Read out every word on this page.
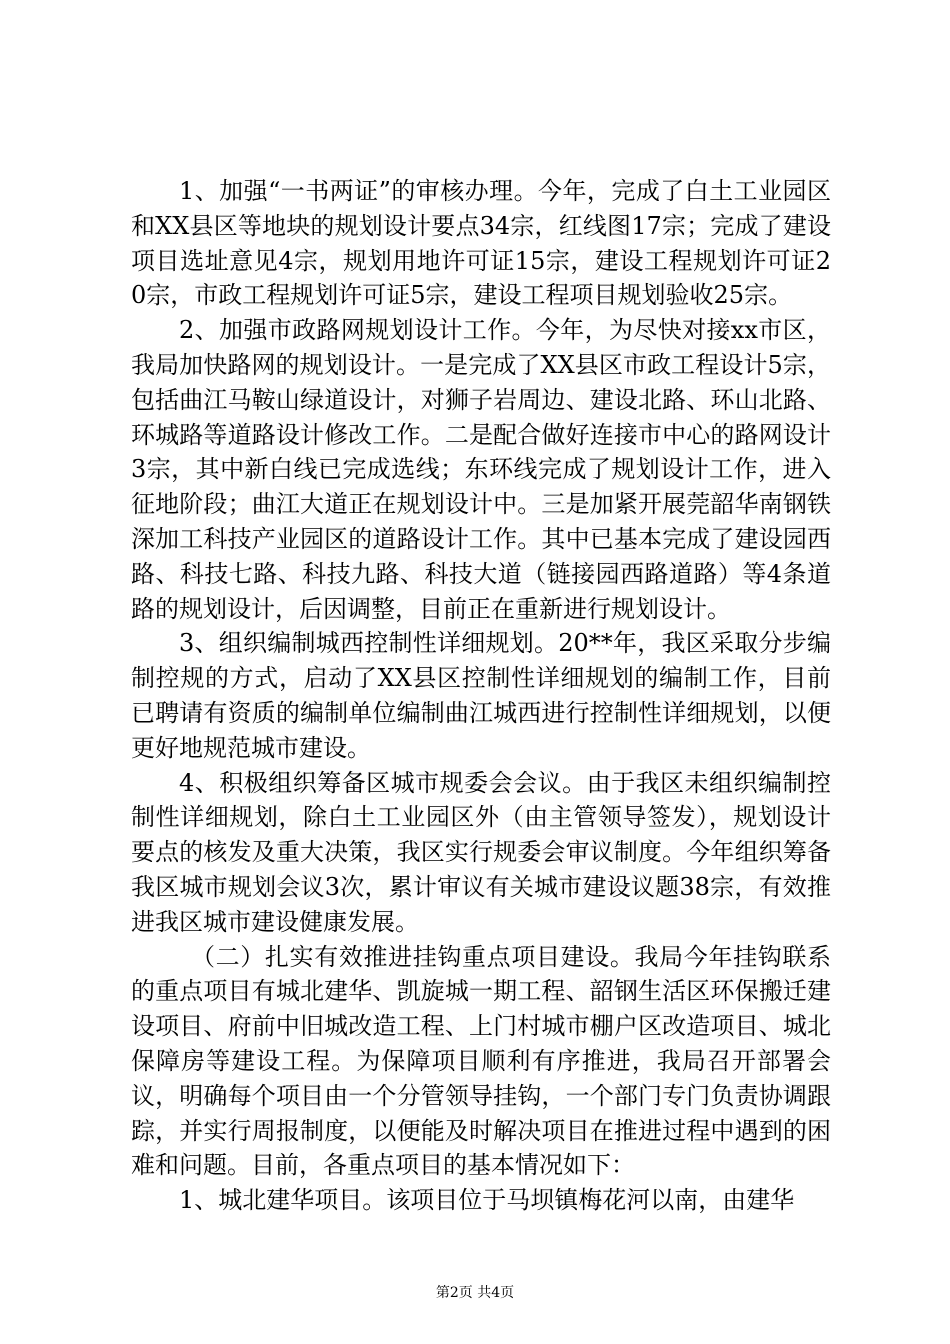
1、加强“一书两证”的审核办理。今年，完成了白土工业园区和XX县区等地块的规划设计要点34宗，红线图17宗；完成了建设项目选址意见4宗，规划用地许可证15宗，建设工程规划许可证20宗，市政工程规划许可证5宗，建设工程项目规划验收25宗。

2、加强市政路网规划设计工作。今年，为尽快对接xx市区，我局加快路网的规划设计。一是完成了XX县区市政工程设计5宗，包括曲江马鞍山绿道设计，对狮子岩周边、建设北路、环山北路、环城路等道路设计修改工作。二是配合做好连接市中心的路网设计3宗，其中新白线已完成选线；东环线完成了规划设计工作，进入征地阶段；曲江大道正在规划设计中。三是加紧开展莞韶华南钢铁深加工科技产业园区的道路设计工作。其中已基本完成了建设园西路、科技七路、科技九路、科技大道（链接园西路道路）等4条道路的规划设计，后因调整，目前正在重新进行规划设计。

3、组织编制城西控制性详细规划。20**年，我区采取分步编制控规的方式，启动了XX县区控制性详细规划的编制工作，目前已聘请有资质的编制单位编制曲江城西进行控制性详细规划，以便更好地规范城市建设。

4、积极组织筹备区城市规委会会议。由于我区未组织编制控制性详细规划，除白土工业园区外（由主管领导签发），规划设计要点的核发及重大决策，我区实行规委会审议制度。今年组织筹备我区城市规划会议3次，累计审议有关城市建设议题38宗，有效推进我区城市建设健康发展。

（二）扎实有效推进挂钩重点项目建设。我局今年挂钩联系的重点项目有城北建华、凯旋城一期工程、韶钢生活区环保搬迁建设项目、府前中旧城改造工程、上门村城市棚户区改造项目、城北保障房等建设工程。为保障项目顺利有序推进，我局召开部署会议，明确每个项目由一个分管领导挂钩，一个部门专门负责协调跟踪，并实行周报制度，以便能及时解决项目在推进过程中遇到的困难和问题。目前，各重点项目的基本情况如下：

1、城北建华项目。该项目位于马坝镇梅花河以南，由建华

第2页 共4页
